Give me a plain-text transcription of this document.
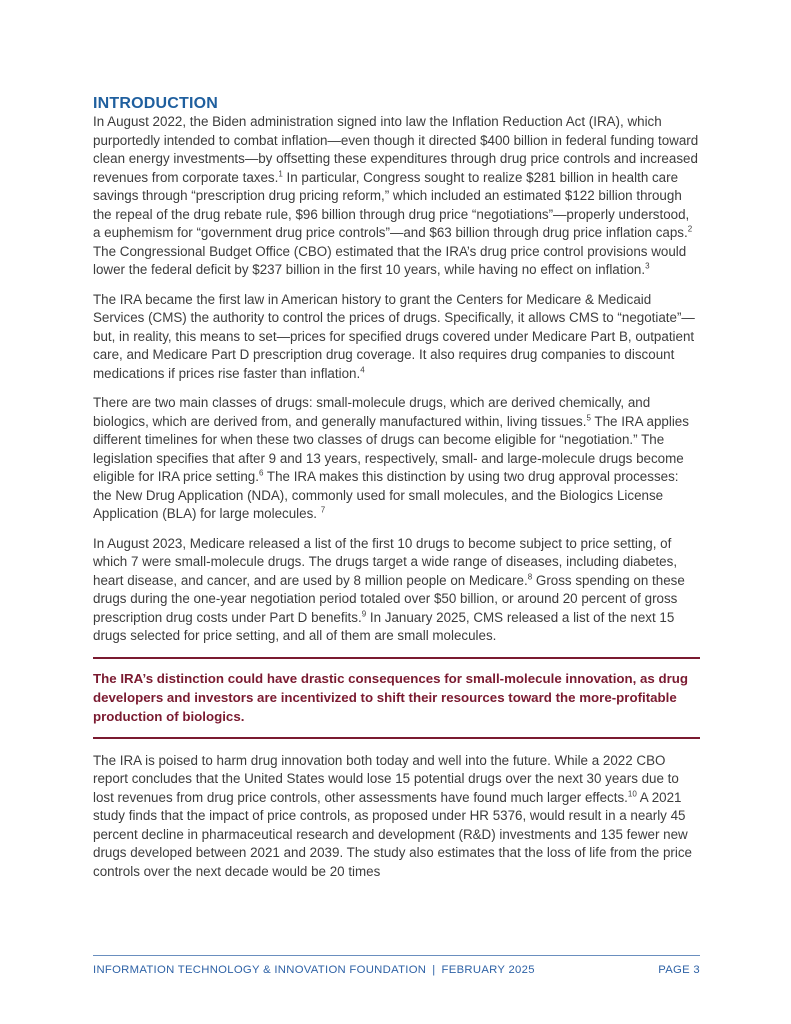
INTRODUCTION

In August 2022, the Biden administration signed into law the Inflation Reduction Act (IRA), which purportedly intended to combat inflation—even though it directed $400 billion in federal funding toward clean energy investments—by offsetting these expenditures through drug price controls and increased revenues from corporate taxes.$^1$ In particular, Congress sought to realize $281 billion in health care savings through “prescription drug pricing reform,” which included an estimated $122 billion through the repeal of the drug rebate rule, $96 billion through drug price “negotiations”—properly understood, a euphemism for “government drug price controls”—and $63 billion through drug price inflation caps.$^2$ The Congressional Budget Office (CBO) estimated that the IRA’s drug price control provisions would lower the federal deficit by $237 billion in the first 10 years, while having no effect on inflation.$^3$

The IRA became the first law in American history to grant the Centers for Medicare & Medicaid Services (CMS) the authority to control the prices of drugs. Specifically, it allows CMS to “negotiate”—but, in reality, this means to set—prices for specified drugs covered under Medicare Part B, outpatient care, and Medicare Part D prescription drug coverage. It also requires drug companies to discount medications if prices rise faster than inflation.$^4$

There are two main classes of drugs: small-molecule drugs, which are derived chemically, and biologics, which are derived from, and generally manufactured within, living tissues.$^5$ The IRA applies different timelines for when these two classes of drugs can become eligible for “negotiation.” The legislation specifies that after 9 and 13 years, respectively, small- and large-molecule drugs become eligible for IRA price setting.$^6$ The IRA makes this distinction by using two drug approval processes: the New Drug Application (NDA), commonly used for small molecules, and the Biologics License Application (BLA) for large molecules. $^7$

In August 2023, Medicare released a list of the first 10 drugs to become subject to price setting, of which 7 were small-molecule drugs. The drugs target a wide range of diseases, including diabetes, heart disease, and cancer, and are used by 8 million people on Medicare.$^8$ Gross spending on these drugs during the one-year negotiation period totaled over $50 billion, or around 20 percent of gross prescription drug costs under Part D benefits.$^9$ In January 2025, CMS released a list of the next 15 drugs selected for price setting, and all of them are small molecules.

The IRA’s distinction could have drastic consequences for small-molecule innovation, as drug developers and investors are incentivized to shift their resources toward the more-profitable production of biologics.

The IRA is poised to harm drug innovation both today and well into the future. While a 2022 CBO report concludes that the United States would lose 15 potential drugs over the next 30 years due to lost revenues from drug price controls, other assessments have found much larger effects.$^{10}$ A 2021 study finds that the impact of price controls, as proposed under HR 5376, would result in a nearly 45 percent decline in pharmaceutical research and development (R&D) investments and 135 fewer new drugs developed between 2021 and 2039. The study also estimates that the loss of life from the price controls over the next decade would be 20 times

INFORMATION TECHNOLOGY & INNOVATION FOUNDATION | FEBRUARY 2025	PAGE 3
